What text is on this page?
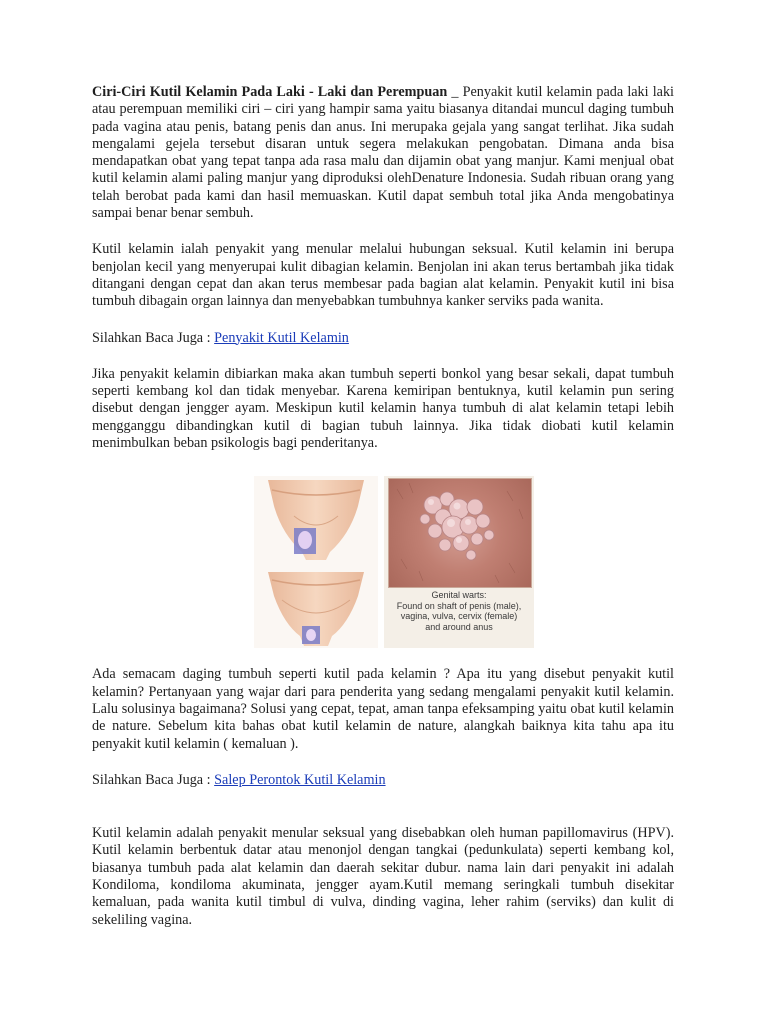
Ciri-Ciri Kutil Kelamin Pada Laki - Laki dan Perempuan _ Penyakit kutil kelamin pada laki laki atau perempuan memiliki ciri – ciri yang hampir sama yaitu biasanya ditandai muncul daging tumbuh pada vagina atau penis, batang penis dan anus. Ini merupaka gejala yang sangat terlihat. Jika sudah mengalami gejela tersebut disaran untuk segera melakukan pengobatan. Dimana anda bisa mendapatkan obat yang tepat tanpa ada rasa malu dan dijamin obat yang manjur. Kami menjual obat kutil kelamin alami paling manjur yang diproduksi olehDenature Indonesia. Sudah ribuan orang yang telah berobat pada kami dan hasil memuaskan. Kutil dapat sembuh total jika Anda mengobatinya sampai benar benar sembuh.

Kutil kelamin ialah penyakit yang menular melalui hubungan seksual. Kutil kelamin ini berupa benjolan kecil yang menyerupai kulit dibagian kelamin. Benjolan ini akan terus bertambah jika tidak ditangani dengan cepat dan akan terus membesar pada bagian alat kelamin. Penyakit kutil ini bisa tumbuh dibagain organ lainnya dan menyebabkan tumbuhnya kanker serviks pada wanita.

Silahkan Baca Juga : Penyakit Kutil Kelamin

Jika penyakit kelamin dibiarkan maka akan tumbuh seperti bonkol yang besar sekali, dapat tumbuh seperti kembang kol dan tidak menyebar. Karena kemiripan bentuknya, kutil kelamin pun sering disebut dengan jengger ayam. Meskipun kutil kelamin hanya tumbuh di alat kelamin tetapi lebih mengganggu dibandingkan kutil di bagian tubuh lainnya. Jika tidak diobati kutil kelamin menimbulkan beban psikologis bagi penderitanya.

Ada semacam daging tumbuh seperti kutil pada kelamin ? Apa itu yang disebut penyakit kutil kelamin? Pertanyaan yang wajar dari para penderita yang sedang mengalami penyakit kutil kelamin. Lalu solusinya bagaimana? Solusi yang cepat, tepat, aman tanpa efeksamping yaitu obat kutil kelamin de nature. Sebelum kita bahas obat kutil kelamin de nature, alangkah baiknya kita tahu apa itu penyakit kutil kelamin ( kemaluan ).

Silahkan Baca Juga : Salep Perontok Kutil Kelamin

Kutil kelamin adalah penyakit menular seksual yang disebabkan oleh human papillomavirus (HPV). Kutil kelamin berbentuk datar atau menonjol dengan tangkai (pedunkulata) seperti kembang kol, biasanya tumbuh pada alat kelamin dan daerah sekitar dubur. nama lain dari penyakit ini adalah Kondiloma, kondiloma akuminata, jengger ayam.Kutil memang seringkali tumbuh disekitar kemaluan, pada wanita kutil timbul di vulva, dinding vagina, leher rahim (serviks) dan kulit di sekeliling vagina.

Genital warts:
Found on shaft of penis (male),
vagina, vulva, cervix (female)
and around anus
